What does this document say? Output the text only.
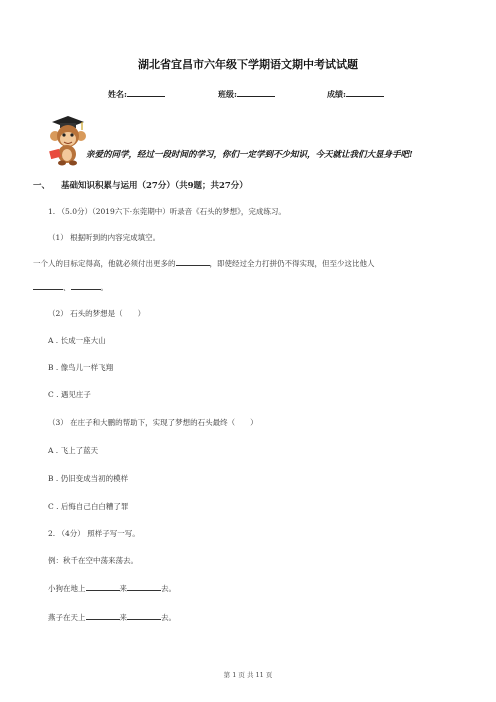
湖北省宜昌市六年级下学期语文期中考试试题
姓名:	班级:	成绩:
亲爱的同学，经过一段时间的学习，你们一定学到不少知识，今天就让我们大显身手吧!
一、 基础知识积累与运用（27分）（共9题；共27分）
1. （5.0分）（2019六下·东莞期中）听录音《石头的梦想》，完成练习。
（1） 根据听到的内容完成填空。
一个人的目标定得高，他就必须付出更多的	，即使经过全力打拼仍不得实现，但至少这比他人
、	。
（2） 石头的梦想是（　　）
A . 长成一座大山
B . 像鸟儿一样飞翔
C . 遇见庄子
（3） 在庄子和大鹏的帮助下，实现了梦想的石头最终（　　）
A . 飞上了蓝天
B . 仍旧变成当初的模样
C . 后悔自己白白糟了罪
2. （4分） 照样子写一写。
例：秋千在空中荡来荡去。
小狗在地上	来	去。
燕子在天上	来	去。
第 1 页 共 11 页
